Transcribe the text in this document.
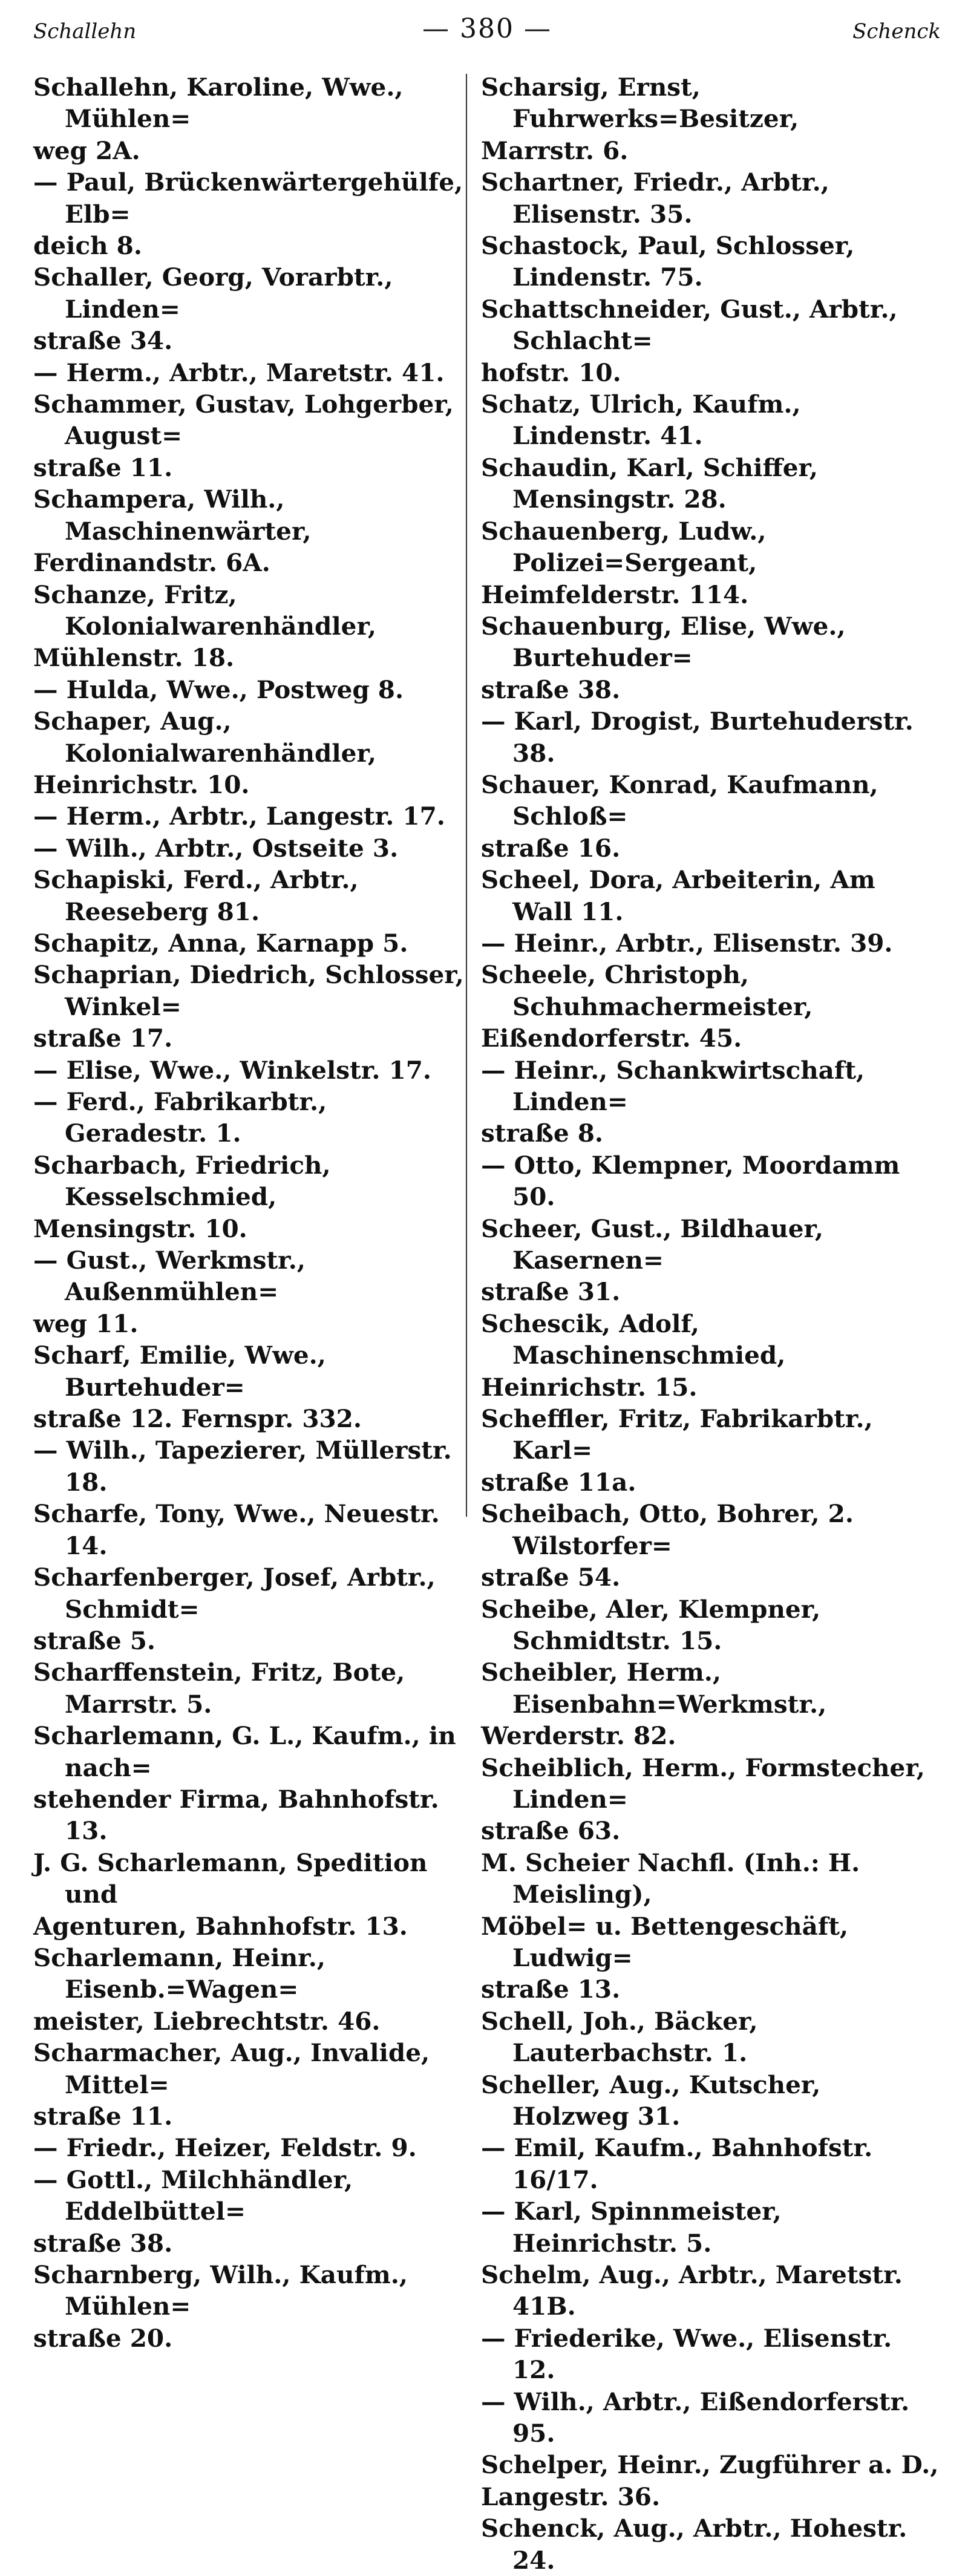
Schallehn	— 380 —	Schenck

Schallehn, Karoline, Wwe., Mühlen=
weg 2A.

— Paul, Brückenwärtergehülfe, Elb=
deich 8.

Schaller, Georg, Vorarbtr., Linden=
straße 34.

— Herm., Arbtr., Maretstr. 41.

Schammer, Gustav, Lohgerber, August=
straße 11.

Schampera, Wilh., Maschinenwärter,
Ferdinandstr. 6A.

Schanze, Fritz, Kolonialwarenhändler,
Mühlenstr. 18.

— Hulda, Wwe., Postweg 8.

Schaper, Aug., Kolonialwarenhändler,
Heinrichstr. 10.

— Herm., Arbtr., Langestr. 17.

— Wilh., Arbtr., Ostseite 3.

Schapiski, Ferd., Arbtr., Reeseberg 81.

Schapitz, Anna, Karnapp 5.

Schaprian, Diedrich, Schlosser, Winkel=
straße 17.

— Elise, Wwe., Winkelstr. 17.

— Ferd., Fabrikarbtr., Geradestr. 1.

Scharbach, Friedrich, Kesselschmied,
Mensingstr. 10.

— Gust., Werkmstr., Außenmühlen=
weg 11.

Scharf, Emilie, Wwe., Burtehuder=
straße 12. Fernspr. 332.

— Wilh., Tapezierer, Müllerstr. 18.

Scharfe, Tony, Wwe., Neuestr. 14.

Scharfenberger, Josef, Arbtr., Schmidt=
straße 5.

Scharffenstein, Fritz, Bote, Marrstr. 5.

Scharlemann, G. L., Kaufm., in nach=
stehender Firma, Bahnhofstr. 13.

J. G. Scharlemann, Spedition und
Agenturen, Bahnhofstr. 13.

Scharlemann, Heinr., Eisenb.=Wagen=
meister, Liebrechtstr. 46.

Scharmacher, Aug., Invalide, Mittel=
straße 11.

— Friedr., Heizer, Feldstr. 9.

— Gottl., Milchhändler, Eddelbüttel=
straße 38.

Scharnberg, Wilh., Kaufm., Mühlen=
straße 20.

Scharsig, Ernst, Fuhrwerks=Besitzer,
Marrstr. 6.

Schartner, Friedr., Arbtr., Elisenstr. 35.

Schastock, Paul, Schlosser, Lindenstr. 75.

Schattschneider, Gust., Arbtr., Schlacht=
hofstr. 10.

Schatz, Ulrich, Kaufm., Lindenstr. 41.

Schaudin, Karl, Schiffer, Mensingstr. 28.

Schauenberg, Ludw., Polizei=Sergeant,
Heimfelderstr. 114.

Schauenburg, Elise, Wwe., Burtehuder=
straße 38.

— Karl, Drogist, Burtehuderstr. 38.

Schauer, Konrad, Kaufmann, Schloß=
straße 16.

Scheel, Dora, Arbeiterin, Am Wall 11.

— Heinr., Arbtr., Elisenstr. 39.

Scheele, Christoph, Schuhmachermeister,
Eißendorferstr. 45.

— Heinr., Schankwirtschaft, Linden=
straße 8.

— Otto, Klempner, Moordamm 50.

Scheer, Gust., Bildhauer, Kasernen=
straße 31.

Schescik, Adolf, Maschinenschmied,
Heinrichstr. 15.

Scheffler, Fritz, Fabrikarbtr., Karl=
straße 11a.

Scheibach, Otto, Bohrer, 2. Wilstorfer=
straße 54.

Scheibe, Aler, Klempner, Schmidtstr. 15.

Scheibler, Herm., Eisenbahn=Werkmstr.,
Werderstr. 82.

Scheiblich, Herm., Formstecher, Linden=
straße 63.

M. Scheier Nachfl. (Inh.: H. Meisling),
Möbel= u. Bettengeschäft, Ludwig=
straße 13.

Schell, Joh., Bäcker, Lauterbachstr. 1.

Scheller, Aug., Kutscher, Holzweg 31.

— Emil, Kaufm., Bahnhofstr. 16/17.

— Karl, Spinnmeister, Heinrichstr. 5.

Schelm, Aug., Arbtr., Maretstr. 41B.

— Friederike, Wwe., Elisenstr. 12.

— Wilh., Arbtr., Eißendorferstr. 95.

Schelper, Heinr., Zugführer a. D.,
Langestr. 36.

Schenck, Aug., Arbtr., Hohestr. 24.
